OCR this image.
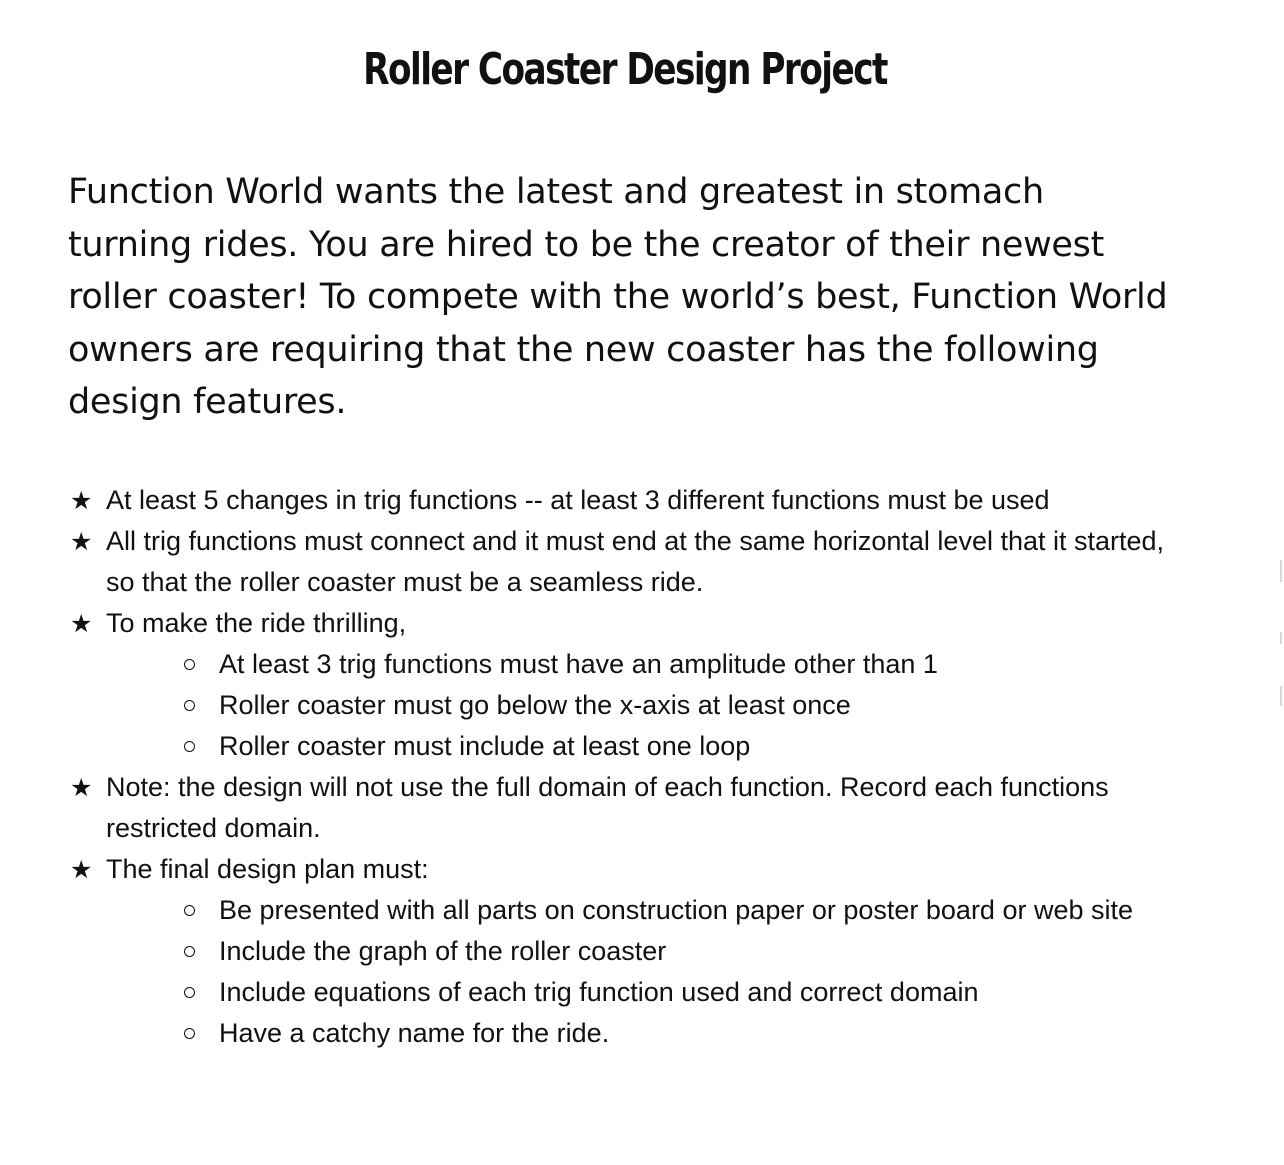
Roller Coaster Design Project

Function World wants the latest and greatest in stomach turning rides. You are hired to be the creator of their newest roller coaster! To compete with the world’s best, Function World owners are requiring that the new coaster has the following design features.

★ At least 5 changes in trig functions -- at least 3 different functions must be used
★ All trig functions must connect and it must end at the same horizontal level that it started, so that the roller coaster must be a seamless ride.
★ To make the ride thrilling,
At least 3 trig functions must have an amplitude other than 1
Roller coaster must go below the x-axis at least once
Roller coaster must include at least one loop
★ Note: the design will not use the full domain of each function. Record each functions restricted domain.
★ The final design plan must:
Be presented with all parts on construction paper or poster board or web site
Include the graph of the roller coaster
Include equations of each trig function used and correct domain
Have a catchy name for the ride.
